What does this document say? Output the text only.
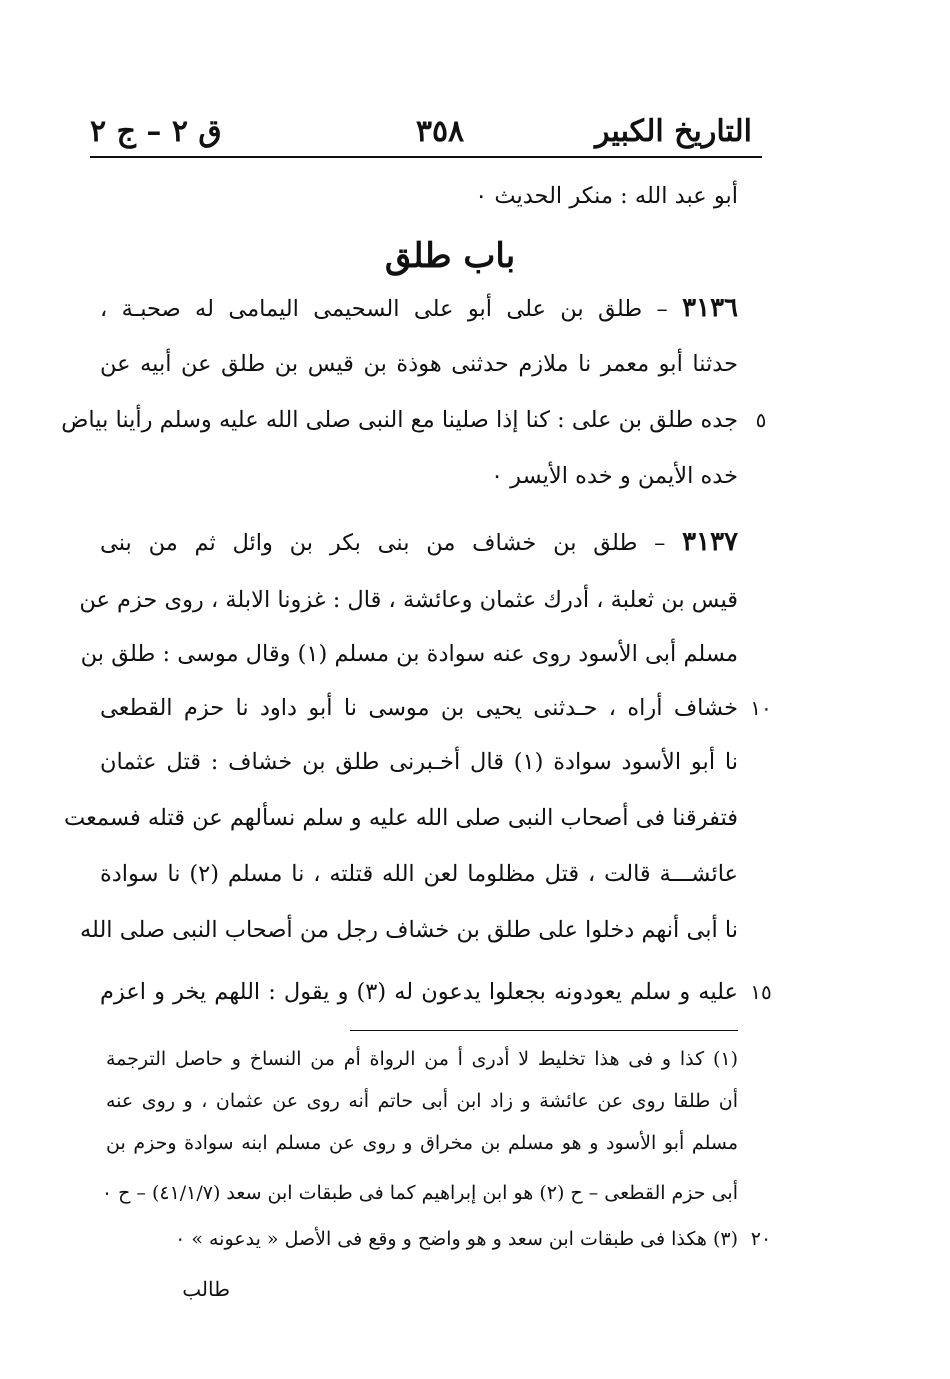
التاريخ الكبير
٣٥٨
ق ٢ – ج ٢
أبو عبد الله : منكر الحديث ٠
باب طلق
٣١٣٦ – طلق بن على أبو على السحيمى اليمامى له صحبـة ،
حدثنا أبو معمر نا ملازم حدثنى هوذة بن قيس بن طلق عن أبيه عن
٥
جده طلق بن على : كنا إذا صلينا مع النبى صلى الله عليه وسلم رأينا بياض
خده الأيمن و خده الأيسر ٠
٣١٣٧ – طلق بن خشاف من بنى بكر بن وائل ثم من بنى
قيس بن ثعلبة ، أدرك عثمان وعائشة ، قال : غزونا الابلة ، روى حزم عن
مسلم أبى الأسود روى عنه سوادة بن مسلم (١) وقال موسى : طلق بن
١٠
خشاف أراه ، حـدثنى يحيى بن موسى نا أبو داود نا حزم القطعى
نا أبو الأسود سوادة (١) قال أخـبرنى طلق بن خشاف : قتل عثمان
فتفرقنا فى أصحاب النبى صلى الله عليه و سلم نسألهم عن قتله فسمعت
عائشـــة قالت ، قتل مظلوما لعن الله قتلته ، نا مسلم (٢) نا سوادة
نا أبى أنهم دخلوا على طلق بن خشاف رجل من أصحاب النبى صلى الله
١٥
عليه و سلم يعودونه بجعلوا يدعون له (٣) و يقول : اللهم يخر و اعزم
(١) كذا و فى هذا تخليط لا أدرى أ من الرواة أم من النساخ و حاصل الترجمة
أن طلقا روى عن عائشة و زاد ابن أبى حاتم أنه روى عن عثمان ، و روى عنه
مسلم أبو الأسود و هو مسلم بن مخراق و روى عن مسلم ابنه سوادة وحزم بن
أبى حزم القطعى – ح (٢) هو ابن إبراهيم كما فى طبقات ابن سعد (٤١/١/٧) – ح ٠
٢٠
(٣) هكذا فى طبقات ابن سعد و هو واضح و وقع فى الأصل « يدعونه » ٠
طالب
